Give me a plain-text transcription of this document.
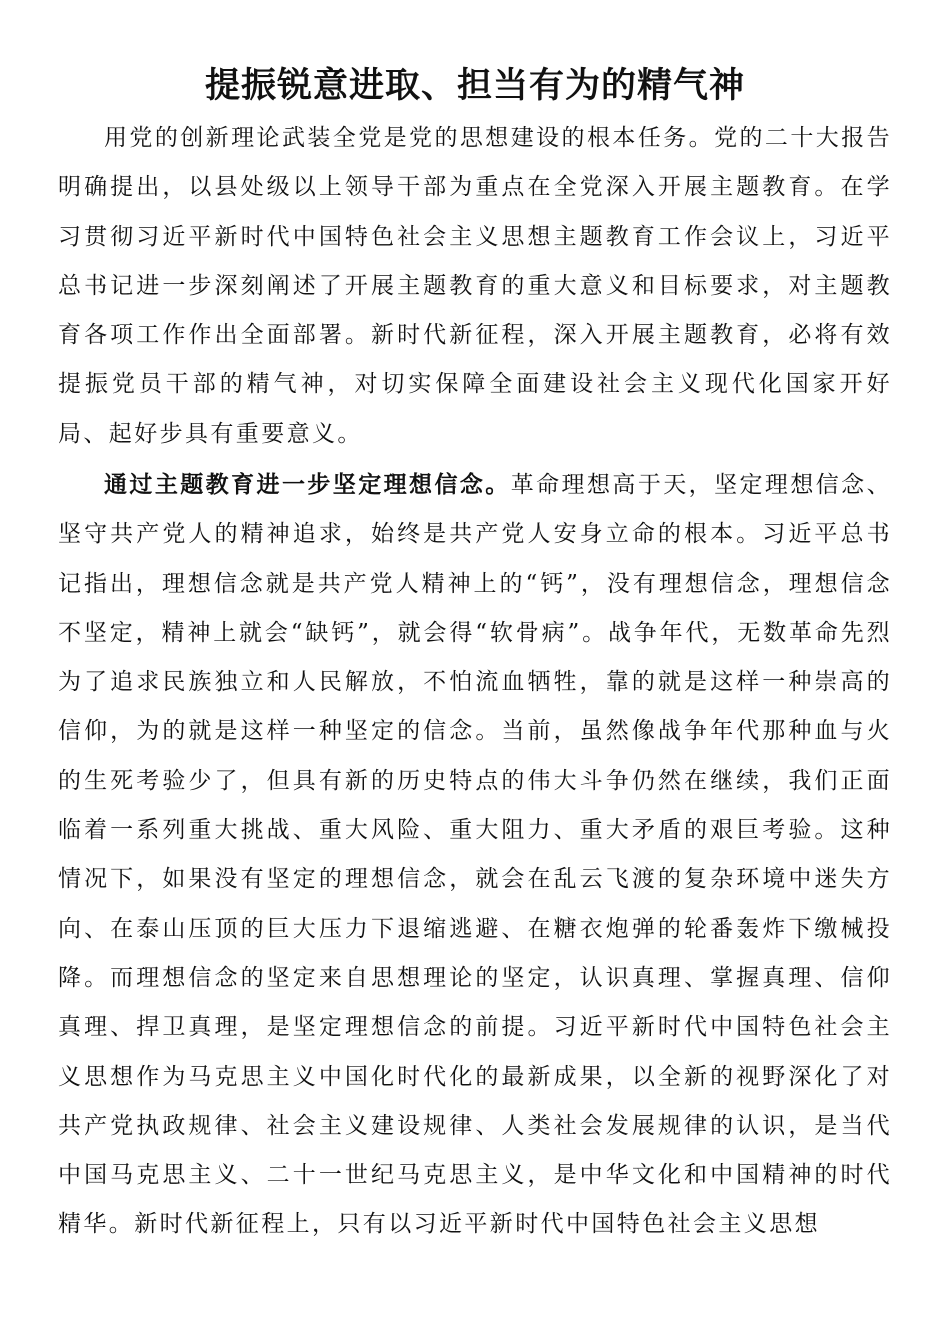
提振锐意进取、担当有为的精气神

用党的创新理论武装全党是党的思想建设的根本任务。党的二十大报告明确提出，以县处级以上领导干部为重点在全党深入开展主题教育。在学习贯彻习近平新时代中国特色社会主义思想主题教育工作会议上，习近平总书记进一步深刻阐述了开展主题教育的重大意义和目标要求，对主题教育各项工作作出全面部署。新时代新征程，深入开展主题教育，必将有效提振党员干部的精气神，对切实保障全面建设社会主义现代化国家开好局、起好步具有重要意义。

通过主题教育进一步坚定理想信念。革命理想高于天，坚定理想信念、坚守共产党人的精神追求，始终是共产党人安身立命的根本。习近平总书记指出，理想信念就是共产党人精神上的“钙”，没有理想信念，理想信念不坚定，精神上就会“缺钙”，就会得“软骨病”。战争年代，无数革命先烈为了追求民族独立和人民解放，不怕流血牺牲，靠的就是这样一种崇高的信仰，为的就是这样一种坚定的信念。当前，虽然像战争年代那种血与火的生死考验少了，但具有新的历史特点的伟大斗争仍然在继续，我们正面临着一系列重大挑战、重大风险、重大阻力、重大矛盾的艰巨考验。这种情况下，如果没有坚定的理想信念，就会在乱云飞渡的复杂环境中迷失方向、在泰山压顶的巨大压力下退缩逃避、在糖衣炮弹的轮番轰炸下缴械投降。而理想信念的坚定来自思想理论的坚定，认识真理、掌握真理、信仰真理、捍卫真理，是坚定理想信念的前提。习近平新时代中国特色社会主义思想作为马克思主义中国化时代化的最新成果，以全新的视野深化了对共产党执政规律、社会主义建设规律、人类社会发展规律的认识，是当代中国马克思主义、二十一世纪马克思主义，是中华文化和中国精神的时代精华。新时代新征程上，只有以习近平新时代中国特色社会主义思想
